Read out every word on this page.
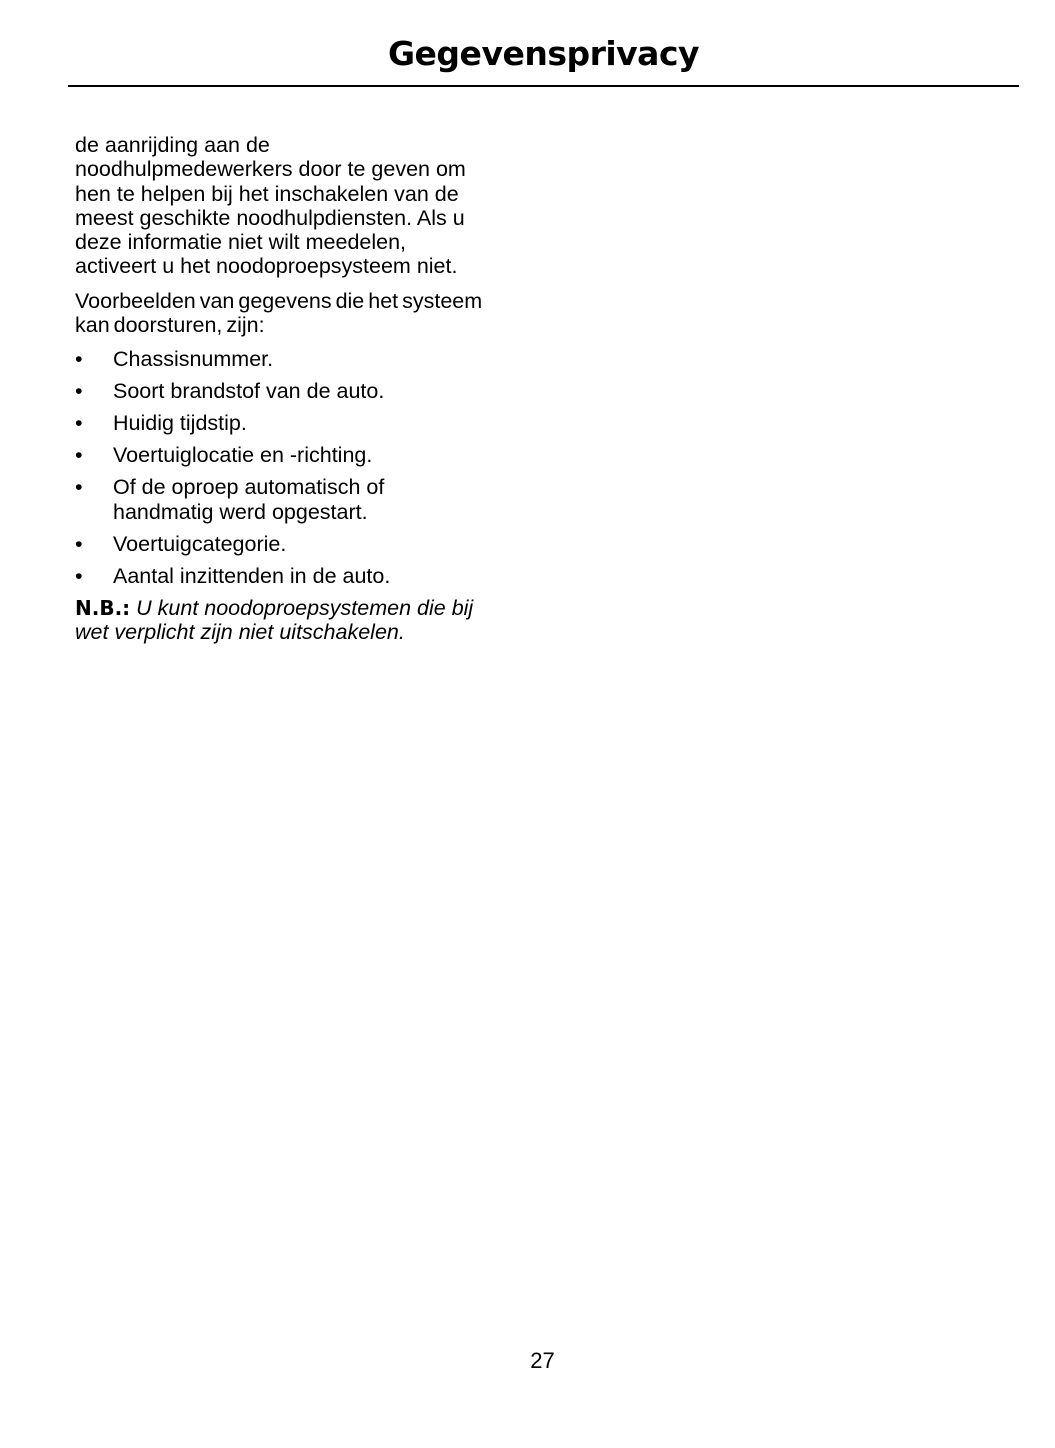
Gegevensprivacy

de aanrijding aan de
noodhulpmedewerkers door te geven om
hen te helpen bij het inschakelen van de
meest geschikte noodhulpdiensten. Als u
deze informatie niet wilt meedelen,
activeert u het noodoproepsysteem niet.

Voorbeelden van gegevens die het systeem
kan doorsturen, zijn:

• Chassisnummer.
• Soort brandstof van de auto.
• Huidig tijdstip.
• Voertuiglocatie en -richting.
• Of de oproep automatisch of
handmatig werd opgestart.
• Voertuigcategorie.
• Aantal inzittenden in de auto.

N.B.: U kunt noodoproepsystemen die bij
wet verplicht zijn niet uitschakelen.

27
